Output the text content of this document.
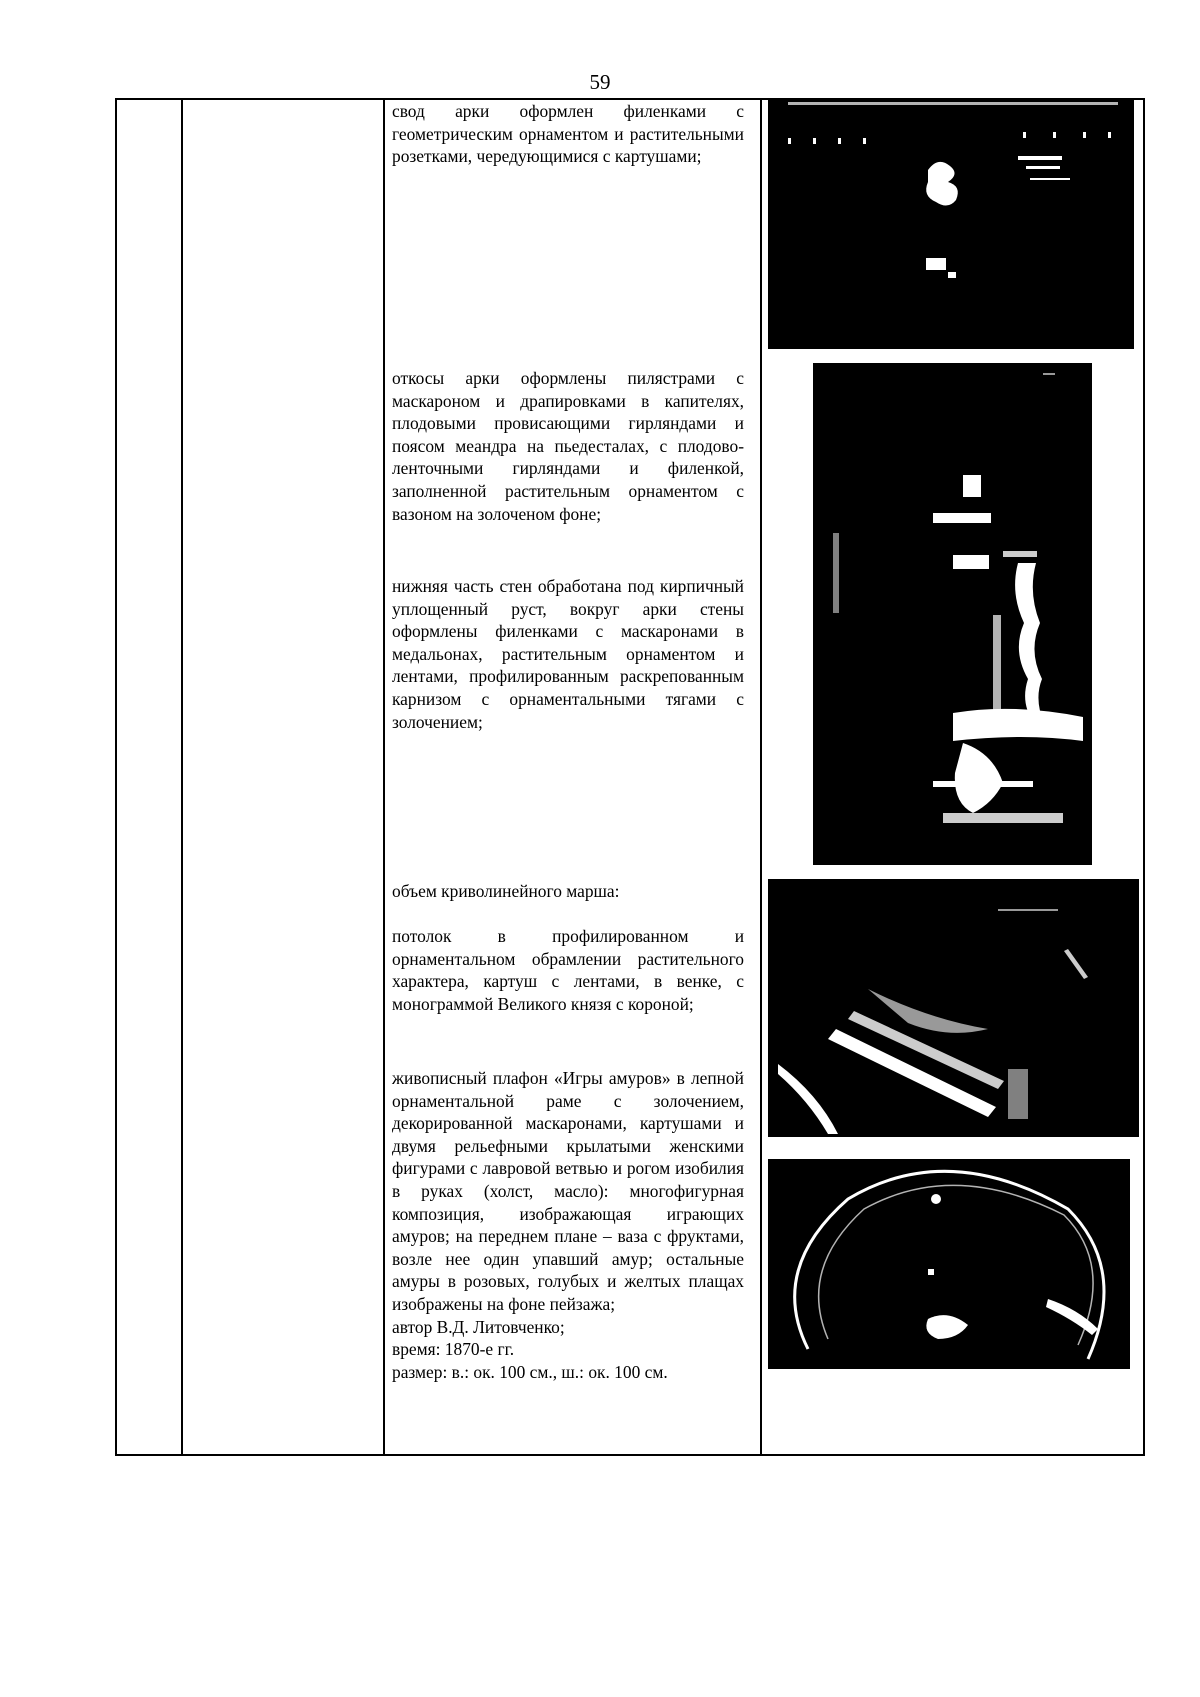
59

свод арки оформлен филенками с геометрическим орнаментом и растительными розетками, чередующимися с картушами;

откосы арки оформлены пилястрами с маскароном и драпировками в капителях, плодовыми провисающими гирляндами и поясом меандра на пьедесталах, с плодово-ленточными гирляндами и филенкой, заполненной растительным орнаментом с вазоном на золоченом фоне;

нижняя часть стен обработана под кирпичный уплощенный руст, вокруг арки стены оформлены филенками с маскаронами в медальонах, растительным орнаментом и лентами, профилированным раскрепованным карнизом с орнаментальными тягами с золочением;

объем криволинейного марша:

потолок в профилированном и орнаментальном обрамлении растительного характера, картуш с лентами, в венке, с монограммой Великого князя с короной;

живописный плафон «Игры амуров» в лепной орнаментальной раме с золочением, декорированной маскаронами, картушами и двумя рельефными крылатыми женскими фигурами с лавровой ветвью и рогом изобилия в руках (холст, масло): многофигурная композиция, изображающая играющих амуров; на переднем плане – ваза с фруктами, возле нее один упавший амур; остальные амуры в розовых, голубых и желтых плащах изображены на фоне пейзажа;

автор В.Д. Литовченко;

время: 1870-е гг.

размер: в.: ок. 100 см., ш.: ок. 100 см.
